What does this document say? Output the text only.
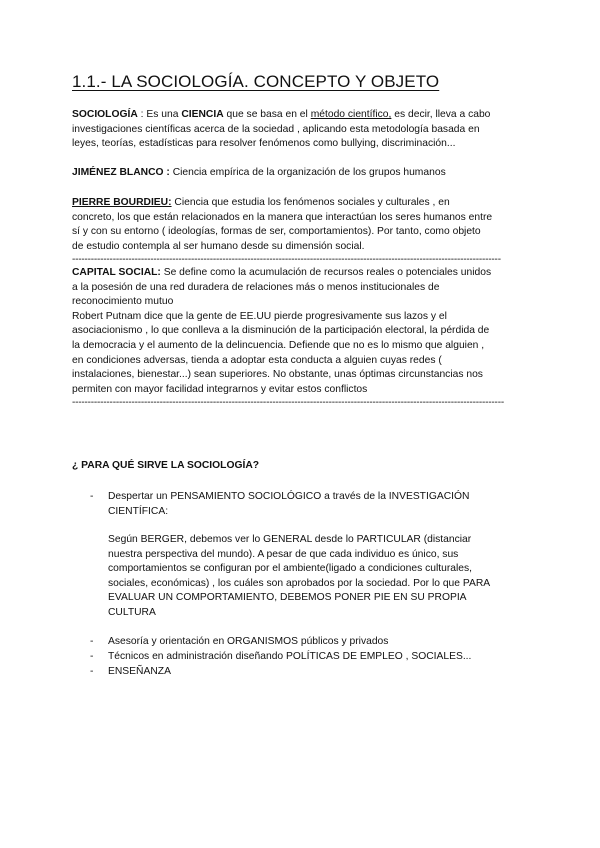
1.1.- LA SOCIOLOGÍA. CONCEPTO Y OBJETO
SOCIOLOGÍA : Es una CIENCIA que se basa en el método científico, es decir, lleva a cabo
investigaciones científicas acerca de la sociedad , aplicando esta metodología basada en
leyes, teorías, estadísticas para resolver fenómenos como bullying, discriminación...
JIMÉNEZ BLANCO : Ciencia empírica de la organización de los grupos humanos
PIERRE BOURDIEU: Ciencia que estudia los fenómenos sociales y culturales , en
concreto, los que están relacionados en la manera que interactúan los seres humanos entre
sí y con su entorno ( ideologías, formas de ser, comportamientos). Por tanto, como objeto
de estudio contempla al ser humano desde su dimensión social.
-----------------------------------------------------------------------------------------------------------------------------------------
CAPITAL SOCIAL: Se define como la acumulación de recursos reales o potenciales unidos
a la posesión de una red duradera de relaciones más o menos institucionales de
reconocimiento mutuo
Robert Putnam dice que la gente de EE.UU pierde progresivamente sus lazos y el
asociacionismo , lo que conlleva a la disminución de la participación electoral, la pérdida de
la democracia y el aumento de la delincuencia. Defiende que no es lo mismo que alguien ,
en condiciones adversas, tienda a adoptar esta conducta a alguien cuyas redes (
instalaciones, bienestar...) sean superiores. No obstante, unas óptimas circunstancias nos
permiten con mayor facilidad integrarnos y evitar estos conflictos
------------------------------------------------------------------------------------------------------------------------------------------
¿ PARA QUÉ SIRVE LA SOCIOLOGÍA?
- Despertar un PENSAMIENTO SOCIOLÓGICO a través de la INVESTIGACIÓN
CIENTÍFICA:
Según BERGER, debemos ver lo GENERAL desde lo PARTICULAR (distanciar
nuestra perspectiva del mundo). A pesar de que cada individuo es único, sus
comportamientos se configuran por el ambiente(ligado a condiciones culturales,
sociales, económicas) , los cuáles son aprobados por la sociedad. Por lo que PARA
EVALUAR UN COMPORTAMIENTO, DEBEMOS PONER PIE EN SU PROPIA
CULTURA
- Asesoría y orientación en ORGANISMOS públicos y privados
- Técnicos en administración diseñando POLÍTICAS DE EMPLEO , SOCIALES...
- ENSEÑANZA
